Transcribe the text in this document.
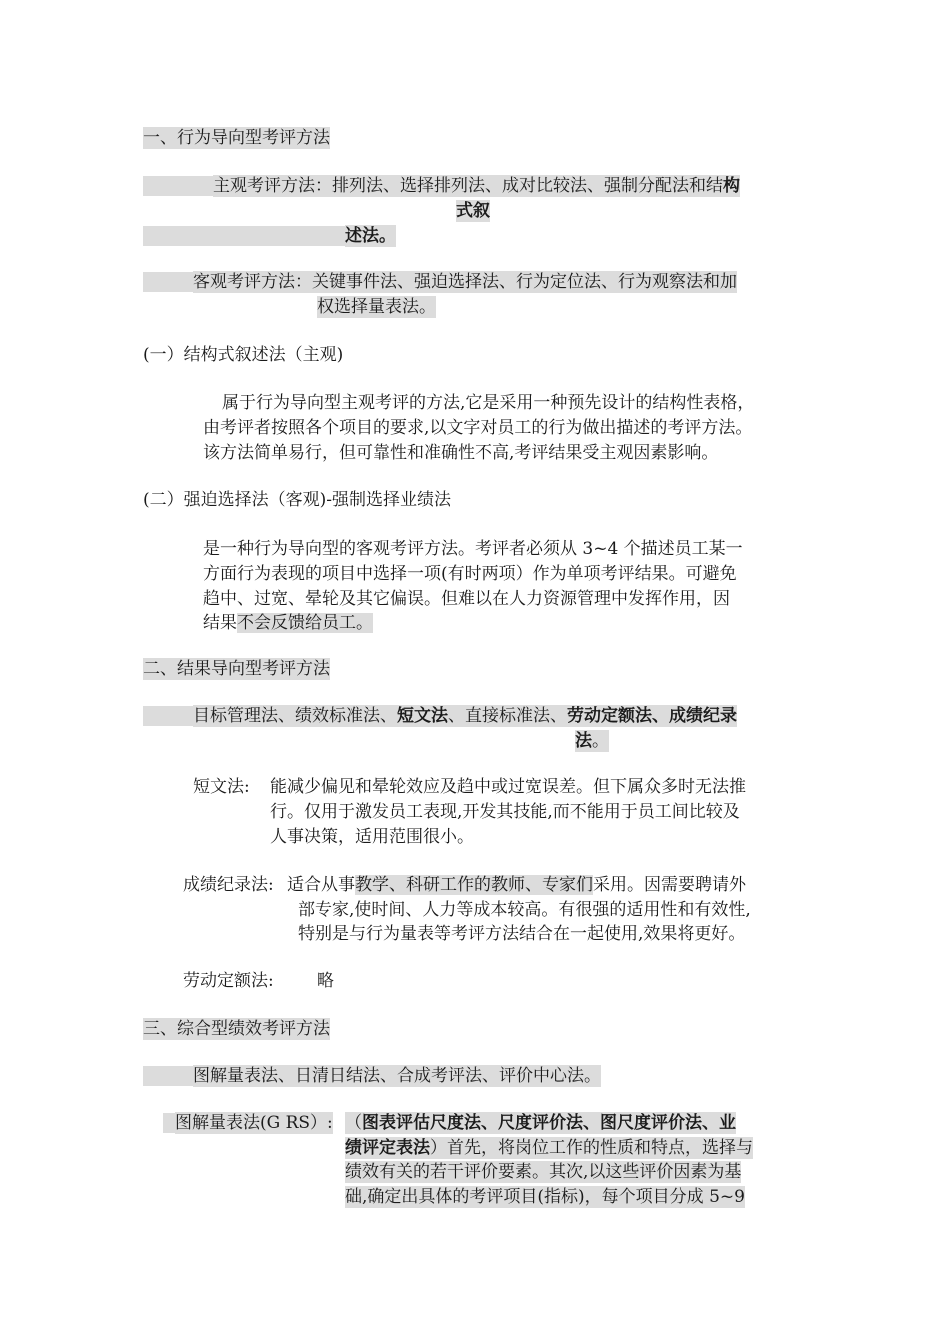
一、行为导向型考评方法
主观考评方法：排列法、选择排列法、成对比较法、强制分配法和结构
式叙
述法。
客观考评方法：关键事件法、强迫选择法、行为定位法、行为观察法和加
权选择量表法。
(一）结构式叙述法（主观)
属于行为导向型主观考评的方法,它是采用一种预先设计的结构性表格，
由考评者按照各个项目的要求,以文字对员工的行为做出描述的考评方法。
该方法简单易行，但可靠性和准确性不高,考评结果受主观因素影响。
(二）强迫选择法（客观)-强制选择业绩法
是一种行为导向型的客观考评方法。考评者必须从 3~4 个描述员工某一
方面行为表现的项目中选择一项(有时两项）作为单项考评结果。可避免
趋中、过宽、晕轮及其它偏误。但难以在人力资源管理中发挥作用，因
结果不会反馈给员工。
二、结果导向型考评方法
目标管理法、绩效标准法、短文法、直接标准法、劳动定额法、成绩纪录
法。
短文法: 能减少偏见和晕轮效应及趋中或过宽误差。但下属众多时无法推
行。仅用于激发员工表现,开发其技能,而不能用于员工间比较及
人事决策，适用范围很小。
成绩纪录法: 适合从事教学、科研工作的教师、专家们采用。因需要聘请外
部专家,使时间、人力等成本较高。有很强的适用性和有效性,
特别是与行为量表等考评方法结合在一起使用,效果将更好。
劳动定额法:	略
三、综合型绩效考评方法
图解量表法、日清日结法、合成考评法、评价中心法。
图解量表法(G RS）: （图表评估尺度法、尺度评价法、图尺度评价法、业
绩评定表法）首先，将岗位工作的性质和特点，选择与
绩效有关的若干评价要素。其次,以这些评价因素为基
础,确定出具体的考评项目(指标)，每个项目分成 5~9
